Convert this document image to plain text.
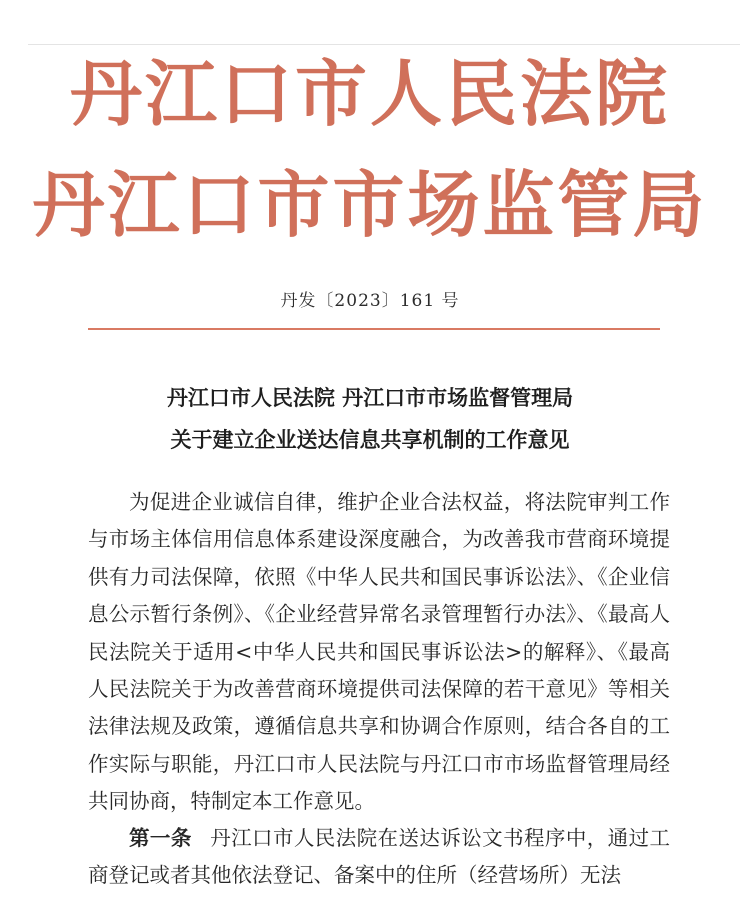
丹江口市人民法院
丹江口市市场监管局
丹发〔2023〕161 号
丹江口市人民法院 丹江口市市场监督管理局
关于建立企业送达信息共享机制的工作意见

为促进企业诚信自律，维护企业合法权益，将法院审判工作与市场主体信用信息体系建设深度融合，为改善我市营商环境提供有力司法保障，依照《中华人民共和国民事诉讼法》、《企业信息公示暂行条例》、《企业经营异常名录管理暂行办法》、《最高人民法院关于适用<中华人民共和国民事诉讼法>的解释》、《最高人民法院关于为改善营商环境提供司法保障的若干意见》等相关法律法规及政策，遵循信息共享和协调合作原则，结合各自的工作实际与职能，丹江口市人民法院与丹江口市市场监督管理局经共同协商，特制定本工作意见。

第一条 丹江口市人民法院在送达诉讼文书程序中，通过工商登记或者其他依法登记、备案中的住所（经营场所）无法
